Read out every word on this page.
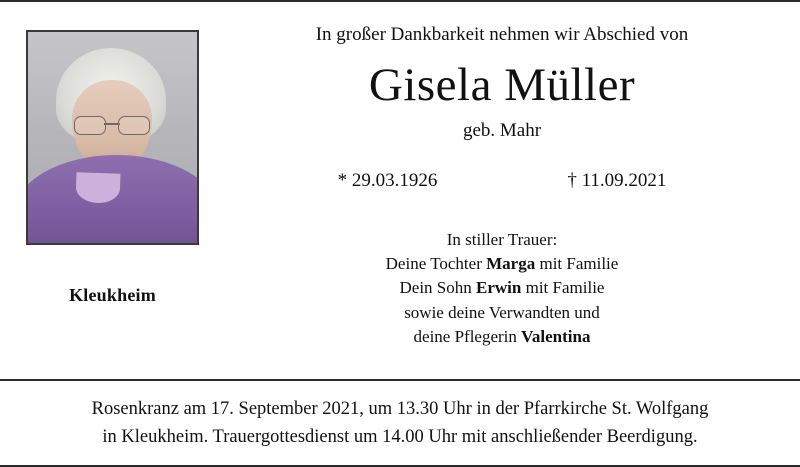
Kleukheim
In großer Dankbarkeit nehmen wir Abschied von
Gisela Müller
geb. Mahr
* 29.03.1926	† 11.09.2021
In stiller Trauer:
Deine Tochter Marga mit Familie
Dein Sohn Erwin mit Familie
sowie deine Verwandten und
deine Pflegerin Valentina
Rosenkranz am 17. September 2021, um 13.30 Uhr in der Pfarrkirche St. Wolfgang
in Kleukheim. Trauergottesdienst um 14.00 Uhr mit anschließender Beerdigung.
